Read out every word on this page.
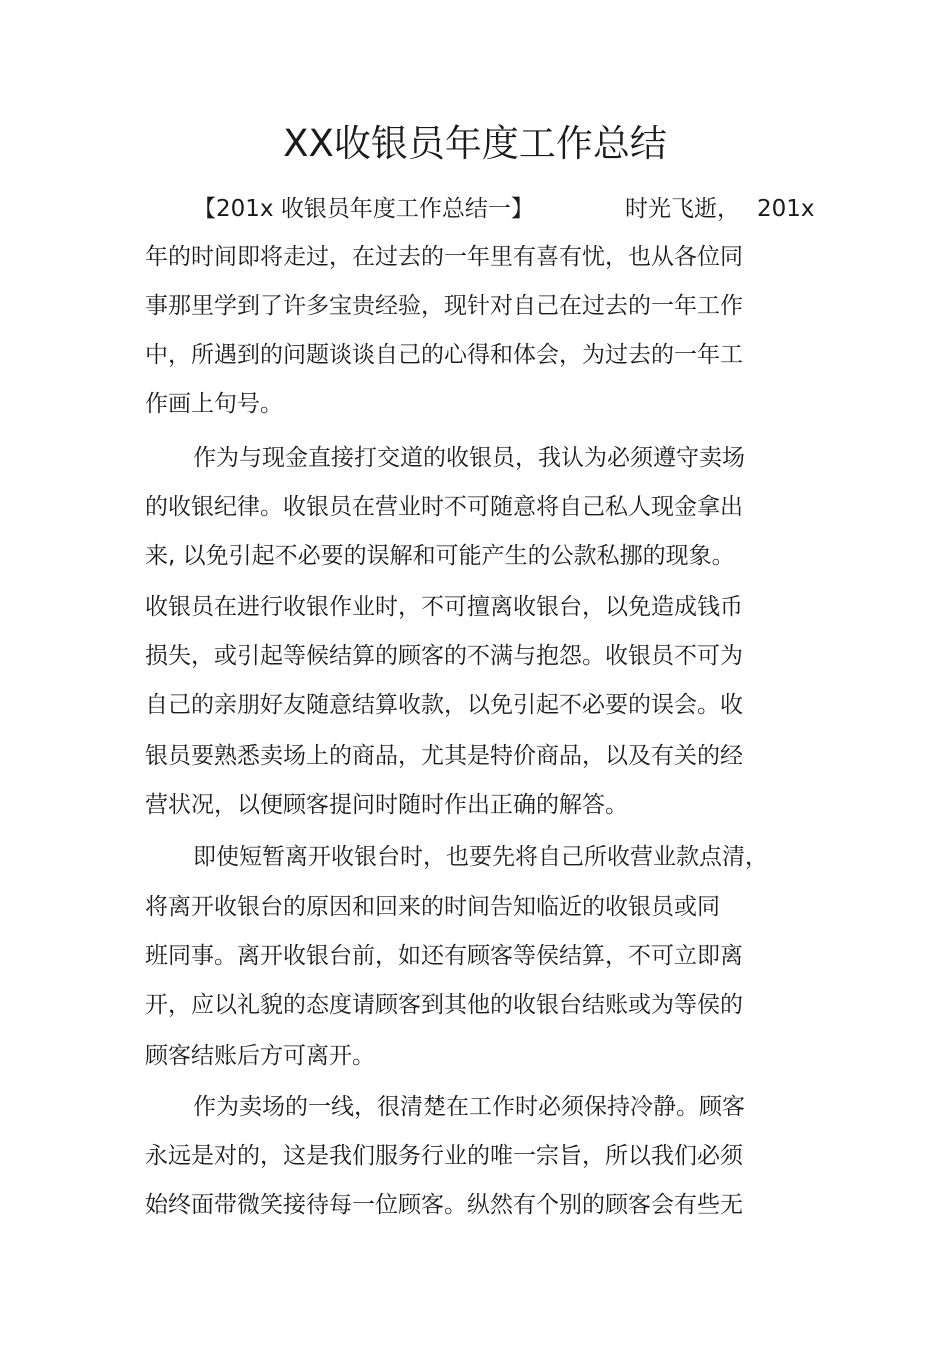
XX收银员年度工作总结
【201x 收银员年度工作总结一】	时光飞逝， 201x
年的时间即将走过，在过去的一年里有喜有忧，也从各位同
事那里学到了许多宝贵经验，现针对自己在过去的一年工作
中，所遇到的问题谈谈自己的心得和体会，为过去的一年工
作画上句号。
作为与现金直接打交道的收银员，我认为必须遵守卖场
的收银纪律。收银员在营业时不可随意将自己私人现金拿出
来, 以免引起不必要的误解和可能产生的公款私挪的现象。
收银员在进行收银作业时，不可擅离收银台，以免造成钱币
损失，或引起等候结算的顾客的不满与抱怨。收银员不可为
自己的亲朋好友随意结算收款，以免引起不必要的误会。收
银员要熟悉卖场上的商品，尤其是特价商品，以及有关的经
营状况，以便顾客提问时随时作出正确的解答。
即使短暂离开收银台时，也要先将自己所收营业款点清，
将离开收银台的原因和回来的时间告知临近的收银员或同
班同事。离开收银台前，如还有顾客等侯结算，不可立即离
开，应以礼貌的态度请顾客到其他的收银台结账或为等侯的
顾客结账后方可离开。
作为卖场的一线，很清楚在工作时必须保持冷静。顾客
永远是对的，这是我们服务行业的唯一宗旨，所以我们必须
始终面带微笑接待每一位顾客。纵然有个别的顾客会有些无
